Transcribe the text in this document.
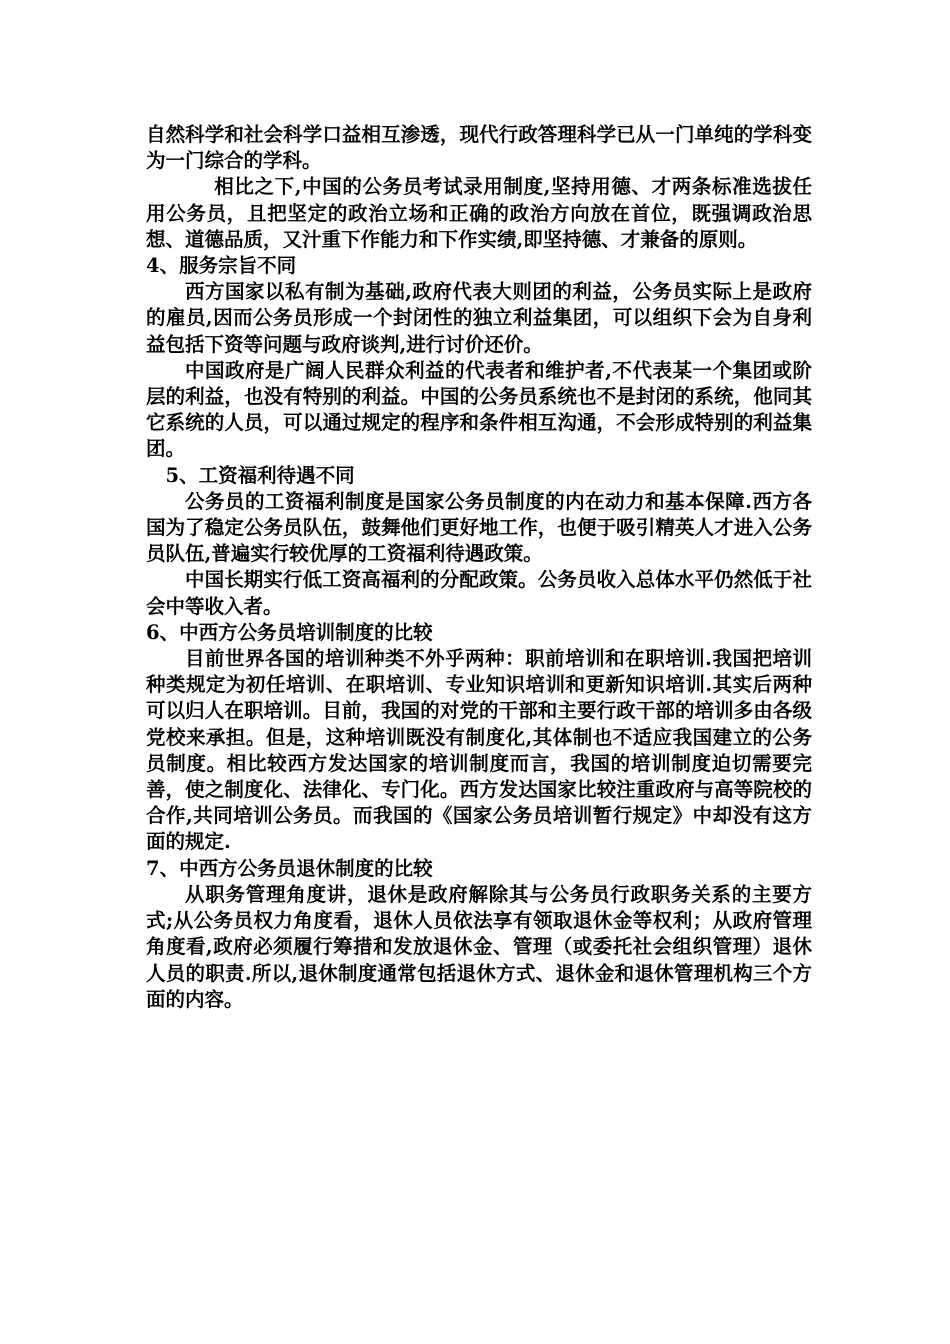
自然科学和社会科学口益相互渗透，现代行政答理科学已从一门单纯的学科变为一门综合的学科。

相比之下,中国的公务员考试录用制度,坚持用德、才两条标准选拔任用公务员，且把坚定的政治立场和正确的政治方向放在首位，既强调政治思想、道德品质，又汁重下作能力和下作实绩,即坚持德、才兼备的原则。

4、服务宗旨不同

西方国家以私有制为基础,政府代表大则团的利益，公务员实际上是政府的雇员,因而公务员形成一个封闭性的独立利益集团，可以组织下会为自身利益包括下资等问题与政府谈判,进行讨价还价。

中国政府是广阔人民群众利益的代表者和维护者,不代表某一个集团或阶层的利益，也没有特别的利益。中国的公务员系统也不是封闭的系统，他同其它系统的人员，可以通过规定的程序和条件相互沟通，不会形成特别的利益集团。

5、工资福利待遇不同

公务员的工资福利制度是国家公务员制度的内在动力和基本保障.西方各国为了稳定公务员队伍，鼓舞他们更好地工作，也便于吸引精英人才进入公务员队伍,普遍实行较优厚的工资福利待遇政策。

中国长期实行低工资高福利的分配政策。公务员收入总体水平仍然低于社会中等收入者。

6、中西方公务员培训制度的比较

目前世界各国的培训种类不外乎两种：职前培训和在职培训.我国把培训种类规定为初任培训、在职培训、专业知识培训和更新知识培训.其实后两种可以归人在职培训。目前，我国的对党的干部和主要行政干部的培训多由各级党校来承担。但是，这种培训既没有制度化,其体制也不适应我国建立的公务员制度。相比较西方发达国家的培训制度而言，我国的培训制度迫切需要完善，使之制度化、法律化、专门化。西方发达国家比较注重政府与高等院校的合作,共同培训公务员。而我国的《国家公务员培训暂行规定》中却没有这方面的规定.

7、中西方公务员退休制度的比较

从职务管理角度讲，退休是政府解除其与公务员行政职务关系的主要方式;从公务员权力角度看，退休人员依法享有领取退休金等权利；从政府管理角度看,政府必须履行筹措和发放退休金、管理（或委托社会组织管理）退休人员的职责.所以,退休制度通常包括退休方式、退休金和退休管理机构三个方面的内容。
